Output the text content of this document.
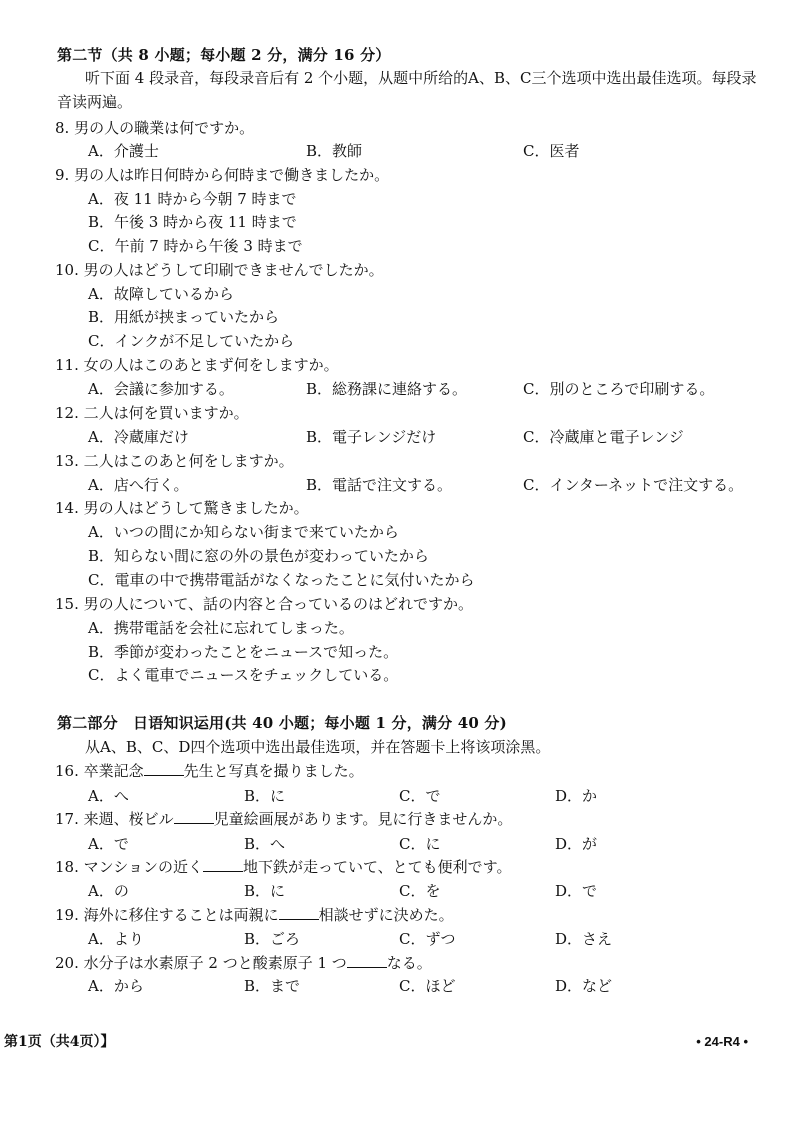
第二节（共 8 小题；每小题 2 分，满分 16 分）
听下面 4 段录音，每段录音后有 2 个小题，从题中所给的A、B、C三个选项中选出最佳选项。每段录音读两遍。
8. 男の人の職業は何ですか。
A．介護士	B．教師	C．医者
9. 男の人は昨日何時から何時まで働きましたか。
A．夜 11 時から今朝 7 時まで
B．午後 3 時から夜 11 時まで
C．午前 7 時から午後 3 時まで
10. 男の人はどうして印刷できませんでしたか。
A．故障しているから
B．用紙が挟まっていたから
C．インクが不足していたから
11. 女の人はこのあとまず何をしますか。
A．会議に参加する。	B．総務課に連絡する。	C．別のところで印刷する。
12. 二人は何を買いますか。
A．冷蔵庫だけ	B．電子レンジだけ	C．冷蔵庫と電子レンジ
13. 二人はこのあと何をしますか。
A．店へ行く。	B．電話で注文する。	C．インターネットで注文する。
14. 男の人はどうして驚きましたか。
A．いつの間にか知らない街まで来ていたから
B．知らない間に窓の外の景色が変わっていたから
C．電車の中で携帯電話がなくなったことに気付いたから
15. 男の人について、話の内容と合っているのはどれですか。
A．携帯電話を会社に忘れてしまった。
B．季節が変わったことをニュースで知った。
C．よく電車でニュースをチェックしている。
第二部分　日语知识运用(共 40 小题；每小题 1 分，满分 40 分)
从A、B、C、D四个选项中选出最佳选项，并在答题卡上将该项涂黑。
16. 卒業記念	先生と写真を撮りました。
A．へ	B．に	C．で	D．か
17. 来週、桜ビル	児童絵画展があります。見に行きませんか。
A．で	B．へ	C．に	D．が
18. マンションの近く	地下鉄が走っていて、とても便利です。
A．の	B．に	C．を	D．で
19. 海外に移住することは両親に	相談せずに決めた。
A．より	B．ごろ	C．ずつ	D．さえ
20. 水分子は水素原子 2 つと酸素原子 1 つ	なる。
A．から	B．まで	C．ほど	D．など
第1页（共4页）】	• 24-R4 •
